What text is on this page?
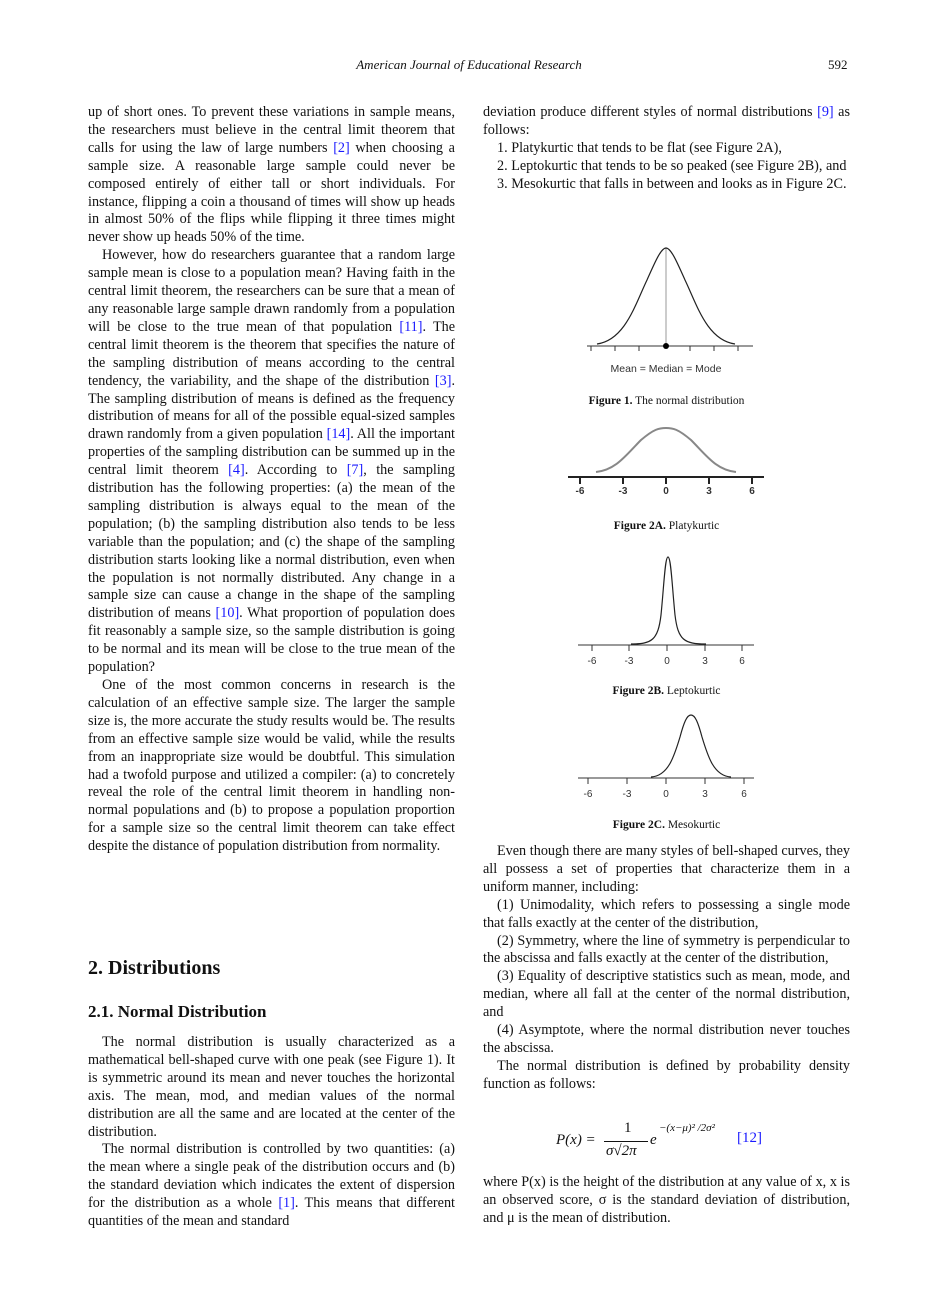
American Journal of Educational Research	592

up of short ones. To prevent these variations in sample means, the researchers must believe in the central limit theorem that calls for using the law of large numbers [2] when choosing a sample size. A reasonable large sample could never be composed entirely of either tall or short individuals. For instance, flipping a coin a thousand of times will show up heads in almost 50% of the flips while flipping it three times might never show up heads 50% of the time.

However, how do researchers guarantee that a random large sample mean is close to a population mean? Having faith in the central limit theorem, the researchers can be sure that a mean of any reasonable large sample drawn randomly from a population will be close to the true mean of that population [11]. The central limit theorem is the theorem that specifies the nature of the sampling distribution of means according to the central tendency, the variability, and the shape of the distribution [3]. The sampling distribution of means is defined as the frequency distribution of means for all of the possible equal-sized samples drawn randomly from a given population [14]. All the important properties of the sampling distribution can be summed up in the central limit theorem [4]. According to [7], the sampling distribution has the following properties: (a) the mean of the sampling distribution is always equal to the mean of the population; (b) the sampling distribution also tends to be less variable than the population; and (c) the shape of the sampling distribution starts looking like a normal distribution, even when the population is not normally distributed. Any change in a sample size can cause a change in the shape of the sampling distribution of means [10]. What proportion of population does fit reasonably a sample size, so the sample distribution is going to be normal and its mean will be close to the true mean of the population?

One of the most common concerns in research is the calculation of an effective sample size. The larger the sample size is, the more accurate the study results would be. The results from an effective sample size would be valid, while the results from an inappropriate size would be doubtful. This simulation had a twofold purpose and utilized a compiler: (a) to concretely reveal the role of the central limit theorem in handling non-normal populations and (b) to propose a population proportion for a sample size so the central limit theorem can take effect despite the distance of population distribution from normality.

2. Distributions
2.1. Normal Distribution

The normal distribution is usually characterized as a mathematical bell-shaped curve with one peak (see Figure 1). It is symmetric around its mean and never touches the horizontal axis. The mean, mod, and median values of the normal distribution are all the same and are located at the center of the distribution.

The normal distribution is controlled by two quantities: (a) the mean where a single peak of the distribution occurs and (b) the standard deviation which indicates the extent of dispersion for the distribution as a whole [1]. This means that different quantities of the mean and standard

deviation produce different styles of normal distributions [9] as follows:

1. Platykurtic that tends to be flat (see Figure 2A),

2. Leptokurtic that tends to be so peaked (see Figure 2B), and

3. Mesokurtic that falls in between and looks as in Figure 2C.

Mean = Median = Mode
Figure 1. The normal distribution
-6	-3	0	3	6
Figure 2A. Platykurtic
-6	-3	0	3	6
Figure 2B. Leptokurtic
-6	-3	0	3	6
Figure 2C. Mesokurtic

Even though there are many styles of bell-shaped curves, they all possess a set of properties that characterize them in a uniform manner, including:

(1) Unimodality, which refers to possessing a single mode that falls exactly at the center of the distribution,

(2) Symmetry, where the line of symmetry is perpendicular to the abscissa and falls exactly at the center of the distribution,

(3) Equality of descriptive statistics such as mean, mode, and median, where all fall at the center of the normal distribution, and

(4) Asymptote, where the normal distribution never touches the abscissa.

The normal distribution is defined by probability density function as follows:

P(x) =
1
σ√2π
e
−(x−μ)² /2σ²
[12]

where P(x) is the height of the distribution at any value of x, x is an observed score, σ is the standard deviation of distribution, and μ is the mean of distribution.
